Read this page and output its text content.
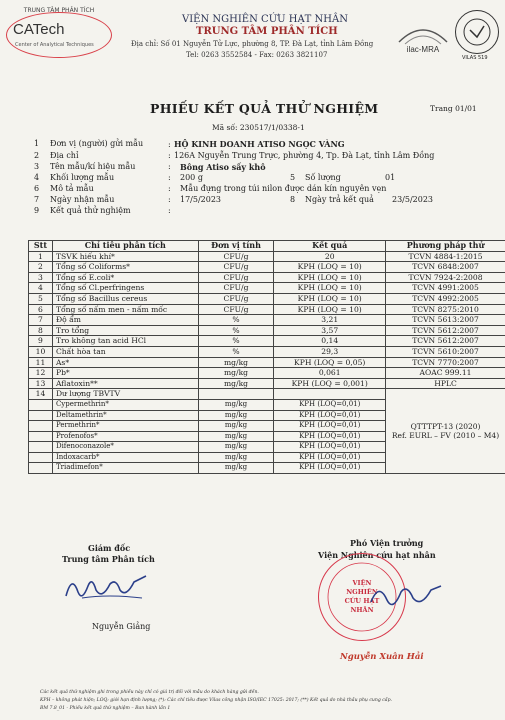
TRUNG TÂM PHÂN TÍCH
CATech
Center of Analytical Techniques
VIỆN NGHIÊN CỨU HẠT NHÂN
TRUNG TÂM PHÂN TÍCH
Địa chỉ: Số 01 Nguyễn Tử Lực, phường 8, TP. Đà Lạt, tỉnh Lâm Đồng
Tel: 0263 3552584 - Fax: 0263 3821107
ilac-MRA
VILAS 519
PHIẾU KẾT QUẢ THỬ NGHIỆM	Trang 01/01
Mã số: 230517/1/0338-1
1 Đơn vị (người) gửi mẫu	HỘ KINH DOANH ATISO NGỌC VÀNG
2 Địa chỉ	126A Nguyễn Trung Trực, phường 4, Tp. Đà Lạt, tỉnh Lâm Đồng
3 Tên mẫu/kí hiệu mẫu	Bông Atiso sấy khô
4 Khối lượng mẫu	200 g	5 Số lượng	01
6 Mô tả mẫu	Mẫu đựng trong túi nilon được dán kín nguyên vẹn
7 Ngày nhận mẫu	17/5/2023	8 Ngày trả kết quả 23/5/2023
9 Kết quả thử nghiệm
:
:
:
:
:
:
:
Stt	Chỉ tiêu phân tích	Đơn vị tính	Kết quả	Phương pháp thử
1	TSVK hiếu khí*	CFU/g	20	TCVN 4884-1:2015
2	Tổng số Coliforms*	CFU/g	KPH (LOQ = 10)	TCVN 6848:2007
3	Tổng số E.coli*	CFU/g	KPH (LOQ = 10)	TCVN 7924-2:2008
4	Tổng số Cl.perfringens	CFU/g	KPH (LOQ = 10)	TCVN 4991:2005
5	Tổng số Bacillus cereus	CFU/g	KPH (LOQ = 10)	TCVN 4992:2005
6	Tổng số nấm men - nấm mốc	CFU/g	KPH (LOQ = 10)	TCVN 8275:2010
7	Độ ẩm	%	3,21	TCVN 5613:2007
8	Tro tổng	%	3,57	TCVN 5612:2007
9	Tro không tan acid HCl	%	0,14	TCVN 5612:2007
10	Chất hòa tan	%	29,3	TCVN 5610:2007
11	As*	mg/kg	KPH (LOQ = 0,05)	TCVN 7770:2007
12	Pb*	mg/kg	0,061	AOAC 999.11
13	Aflatoxin**	mg/kg	KPH (LOQ = 0,001)	HPLC
14	Dư lượng TBVTV			QTTTPT-13 (2020)
Ref. EURL – FV (2010 – M4)

	Cypermethrin*	mg/kg	KPH (LOQ=0,01)	
	Deltamethrin*	mg/kg	KPH (LOQ=0,01)	
	Permethrin*	mg/kg	KPH (LOQ=0,01)	
	Profenofos*	mg/kg	KPH (LOQ=0,01)	
	Difenoconazole*	mg/kg	KPH (LOQ=0,01)	
	Indoxacarb*	mg/kg	KPH (LOQ=0,01)	
	Triadimefon*	mg/kg	KPH (LOQ=0,01)	
Giám đốc
Trung tâm Phân tích
Nguyễn Giảng
Phó Viện trưởng
Viện Nghiên cứu hạt nhân
VIỆN NGHIÊN CỨU HẠT NHÂN
Nguyễn Xuân Hải
Các kết quả thử nghiệm ghi trong phiếu này chỉ có giá trị đối với mẫu do khách hàng gửi đến.
KPH – không phát hiện; LOQ: giới hạn định lượng; (*): Các chỉ tiêu được Vilas công nhận ISO/IEC 17025: 2017; (**) Kết quả do nhà thầu phụ cung cấp.
BM 7.8_01 - Phiếu kết quả thử nghiệm – Ban hành lần 1
